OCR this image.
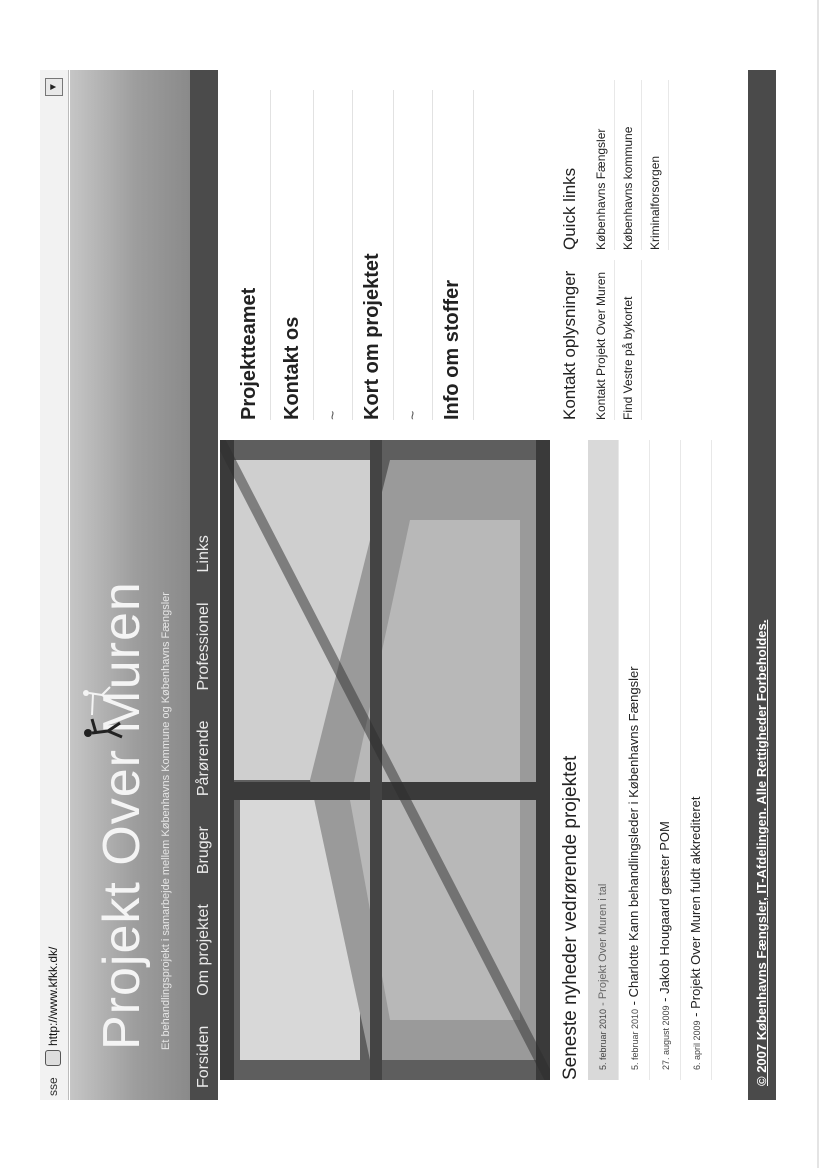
sse
http://www.kfkk.dk/
▼
Projekt Over Muren Et behandlingsprojekt i samarbejde mellem Københavns Kommune og Københavns Fængsler
Forsiden
Om projektet
Bruger
Pårørende
Professionel
Links
Projektteamet	Kontakt os	~ Kort om projektet	~ Info om stoffer
Seneste nyheder vedrørende projektet	5. februar 2010 - Projekt Over Muren i tal
5. februar 2010 - Charlotte Kann behandlingsleder i Københavns Fængsler
27. august 2009 - Jakob Hougaard gæster POM
6. april 2009 - Projekt Over Muren fuldt akkrediteret
Kontakt oplysninger	Kontakt Projekt Over Muren	Find Vestre på bykortet
Quick links	Københavns Fængsler	Københavns kommune	Kriminalforsorgen
© 2007 Københavns Fængsler, IT-Afdelingen. Alle Rettigheder Forbeholdes.
